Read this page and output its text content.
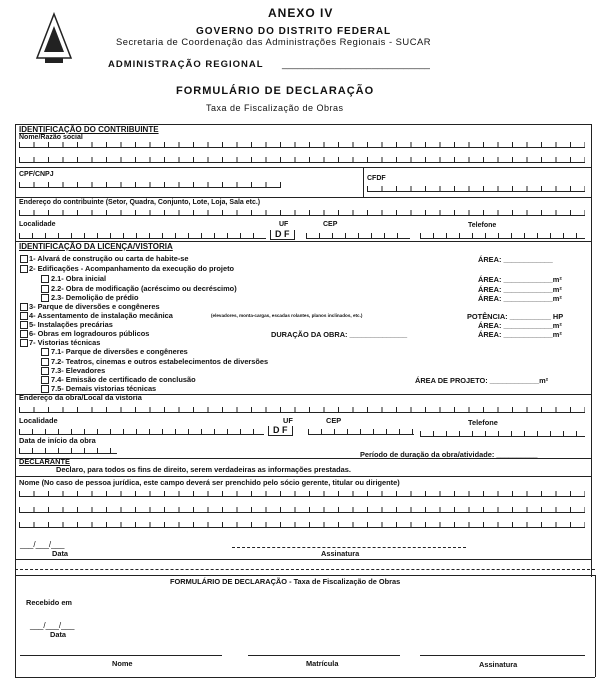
ANEXO IV
GOVERNO DO DISTRITO FEDERAL
Secretaria de Coordenação das Administrações Regionais - SUCAR
ADMINISTRAÇÃO REGIONAL ____________________________
FORMULÁRIO DE DECLARAÇÃO
Taxa de Fiscalização de Obras
IDENTIFICAÇÃO DO CONTRIBUINTE
Nome/Razão social
CPF/CNPJ
CFDF
Endereço do contribuinte (Setor, Quadra, Conjunto, Lote, Loja, Sala etc.)
Localidade	UF	CEP	Telefone
D F
IDENTIFICAÇÃO DA LICENÇA/VISTORIA
1- Alvará de construção ou carta de habite-se	ÁREA: ____________
2- Edificações - Acompanhamento da execução do projeto
2.1- Obra inicial	ÁREA: ____________m²
2.2- Obra de modificação (acréscimo ou decréscimo)	ÁREA: ____________m²
2.3- Demolição de prédio	ÁREA: ____________m²
3- Parque de diversões e congêneres
4- Assentamento de instalação mecânica	(elevadores, monta-cargas, escadas rolantes, planos inclinados, etc.)	POTÊNCIA: __________ HP
5- Instalações precárias	ÁREA: ____________m²
6- Obras em logradouros públicos	DURAÇÃO DA OBRA: ______________	ÁREA: ____________m²
7- Vistorias técnicas
7.1- Parque de diversões e congêneres
7.2- Teatros, cinemas e outros estabelecimentos de diversões
7.3- Elevadores
7.4- Emissão de certificado de conclusão	ÁREA DE PROJETO: ____________m²
7.5- Demais vistorias técnicas
Endereço da obra/Local da vistoria
Localidade	UF	CEP	Telefone
D F
Data de início da obra
Período de duração da obra/atividade: __________
DECLARANTE
Declaro, para todos os fins de direito, serem verdadeiras as informações prestadas.
Nome (No caso de pessoa jurídica, este campo deverá ser prenchido pelo sócio gerente, titular ou dirigente)
___/___/___
Data	Assinatura
FORMULÁRIO DE DECLARAÇÃO - Taxa de Fiscalização de Obras
Recebido em
___/___/___
Data
Nome	Matrícula	Assinatura
